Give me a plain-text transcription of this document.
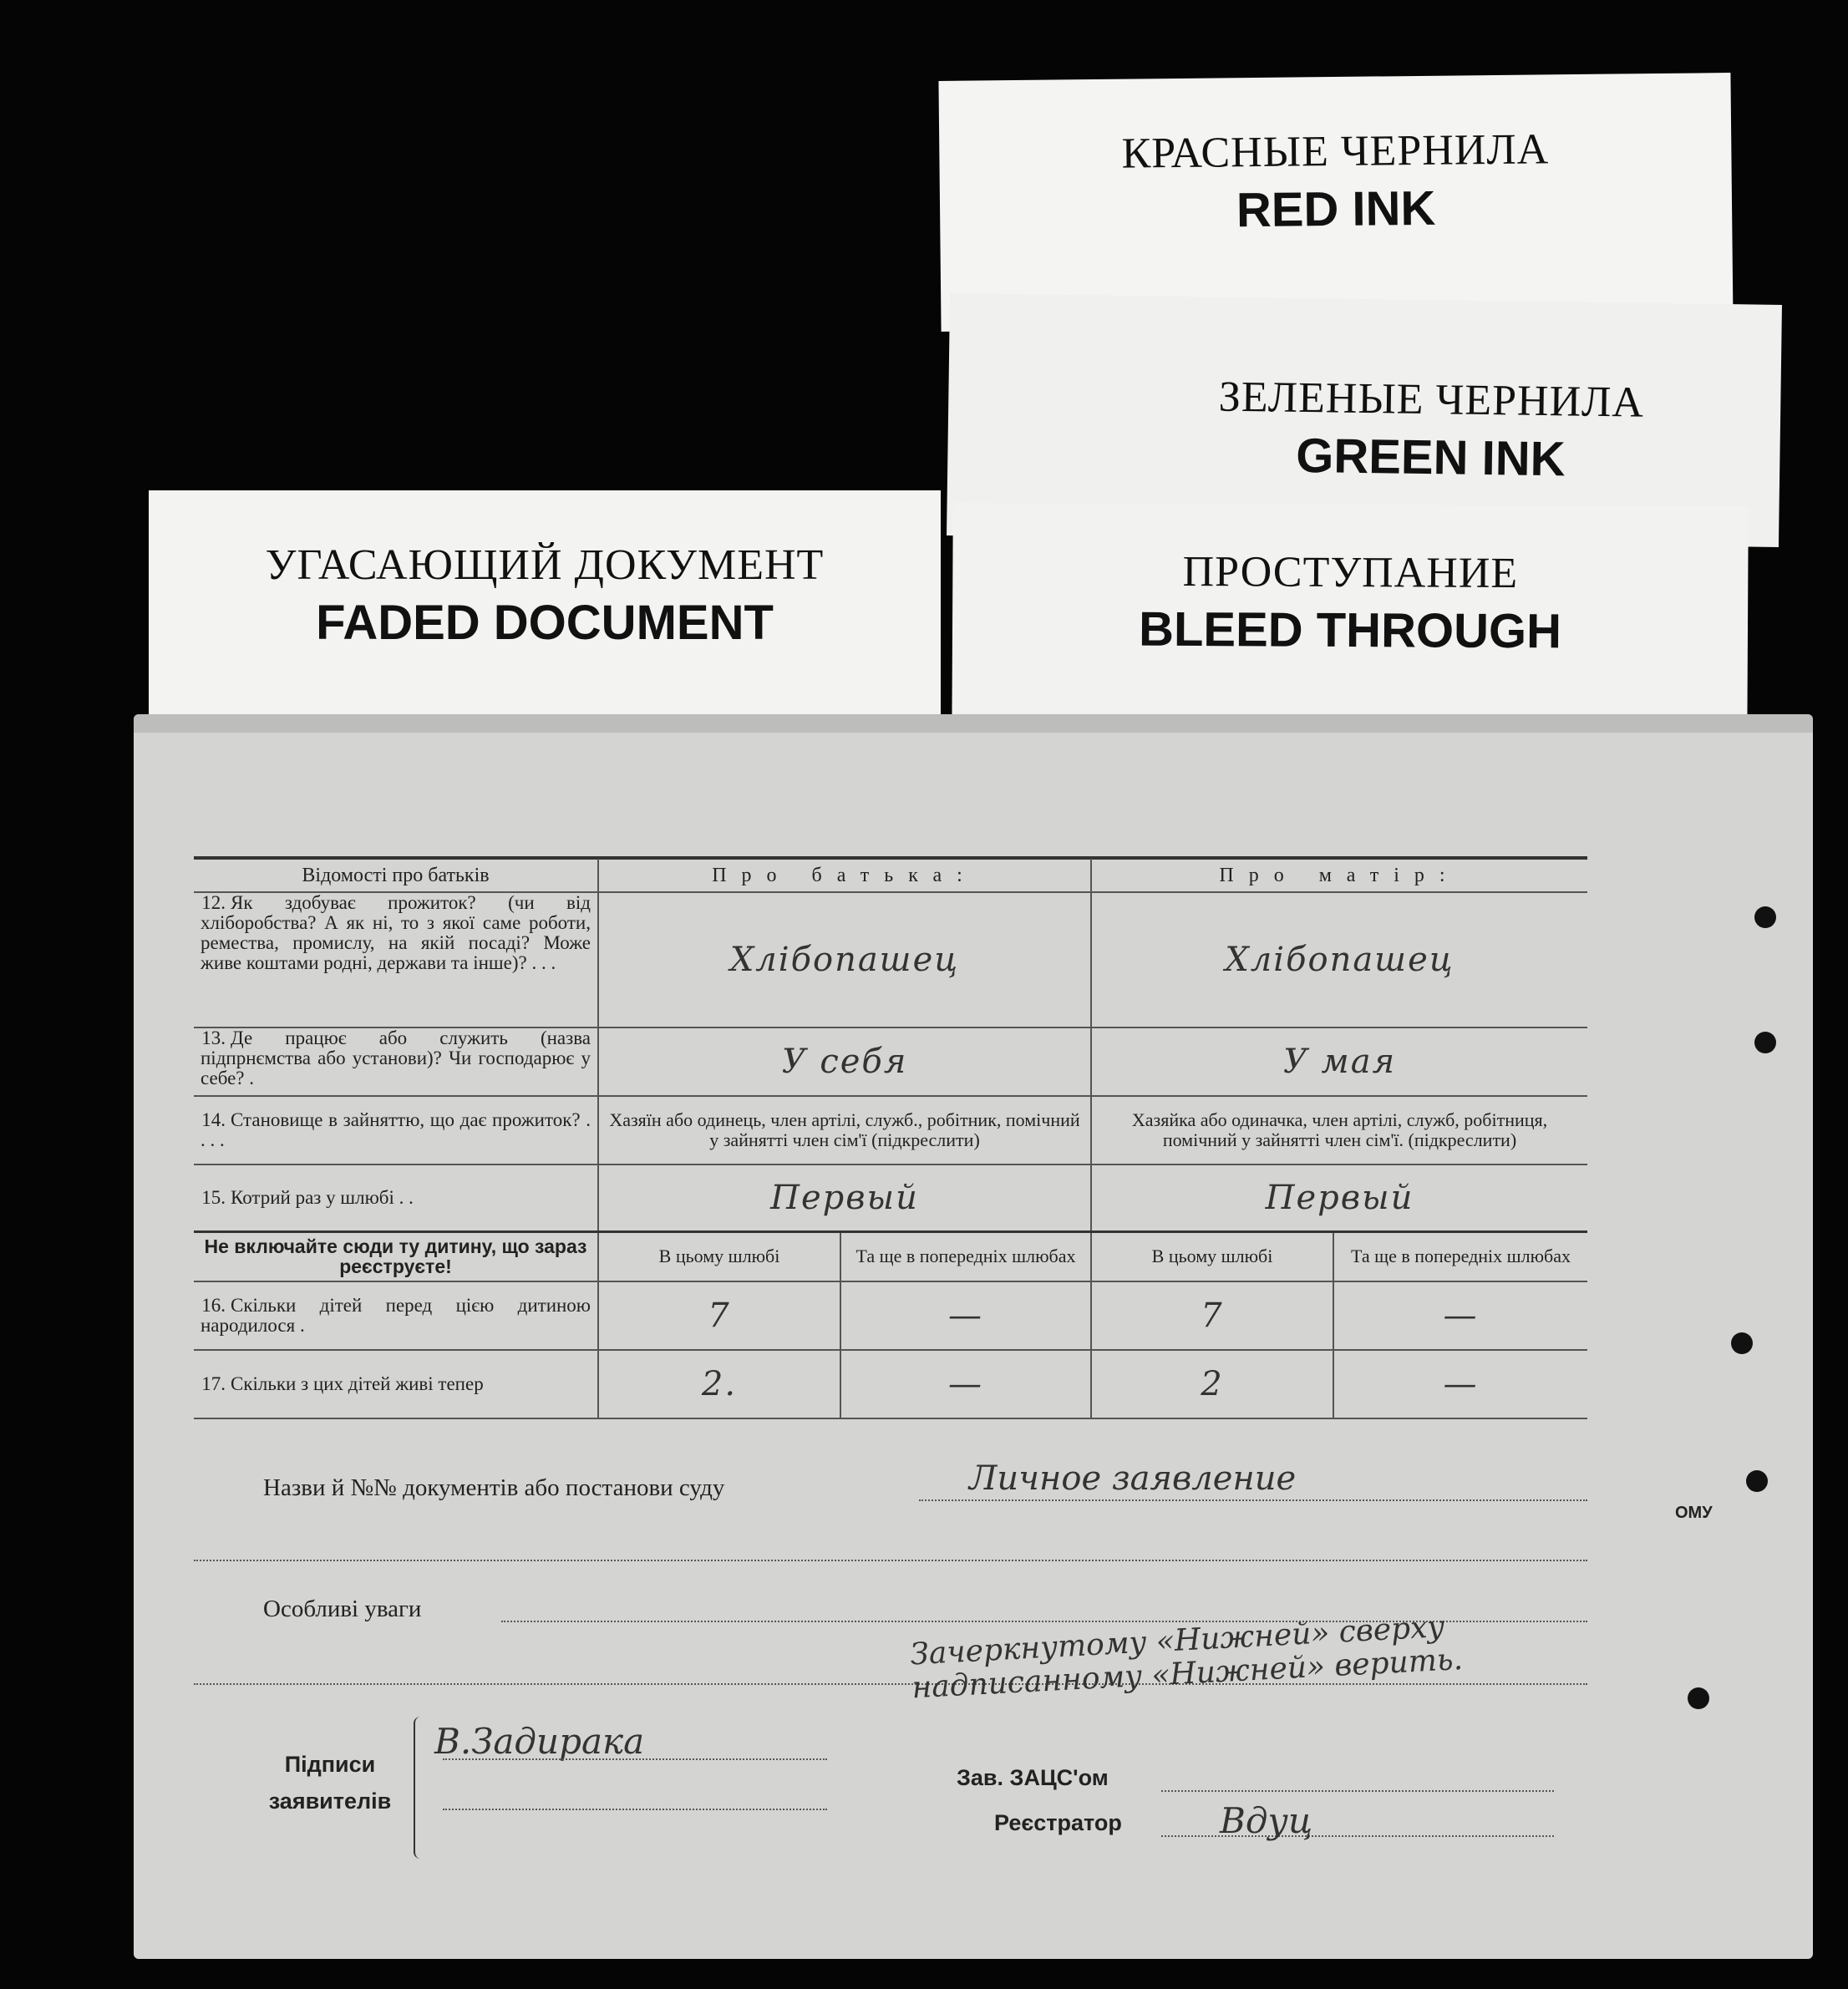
КРАСНЫЕ ЧЕРНИЛА
RED INK
ЗЕЛЕНЫЕ ЧЕРНИЛА
GREEN INK
ПРОСТУПАНИЕ
BLEED THROUGH
УГАСАЮЩИЙ ДОКУМЕНТ
FADED DOCUMENT
Відомості про батьків	Про батька:		Про матір:	
12. Як здобуває прожиток? (чи від хліборобства? А як ні, то з якої саме роботи, ремества, промислу, на якій посаді? Може живе коштами родні, держави та інше)? . . .	Хлібопашец		Хлібопашец	
13. Де працює або служить (назва підпрнємства або установи)? Чи господарює у себе? .	У себя		У мая	
14. Становище в зайняттю, що дає прожиток? . . . .	Хазяїн або одинець, член артілі, служб., робітник, помічний у зайнятті член сім'ї (підкреслити)		Хазяйка або одиначка, член артілі, служб, робітниця, помічний у зайнятті член сім'ї. (підкреслити)	
15. Котрий раз у шлюбі . .	Первый		Первый	
Не включайте сюди ту дитину, що зараз реєструєте!	В цьому шлюбі	Та ще в попередніх шлюбах	В цьому шлюбі	Та ще в попередніх шлюбах
16. Скільки дітей перед цією дитиною народилося .	7	—	7	—
17. Скільки з цих дітей живі тепер	2.	—	2	—
Назви й №№ документів або постанови суду	Личное заявление
Особливі уваги
Зачеркнутому «Нижней» сверху надписанному «Нижней» верить.
Підписи заявителів
В.Задирака
Зав. ЗАЦС'ом
Реєстратор	Вдуц
ОМУ
